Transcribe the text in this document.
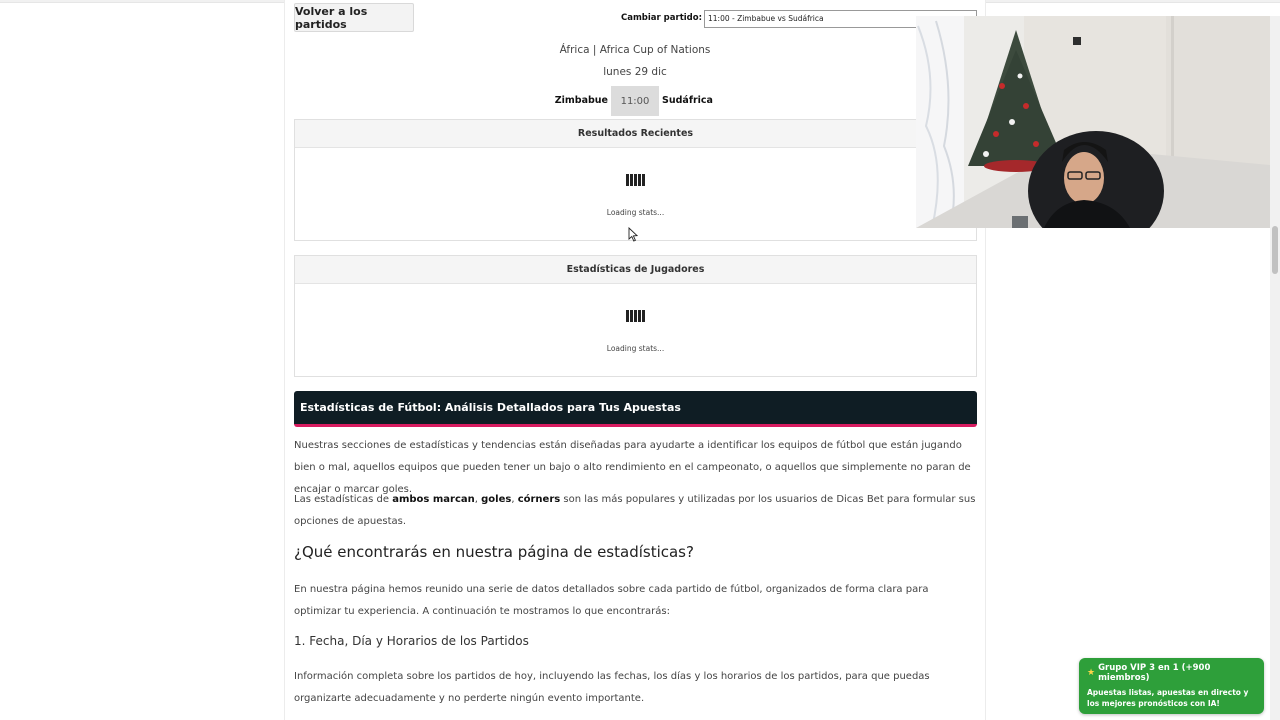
Volver a los partidos	Cambiar partido: 11:00 - Zimbabue vs Sudáfrica
África | Africa Cup of Nations
lunes 29 dic
Zimbabue	11:00	Sudáfrica
Resultados Recientes
Loading stats...
Estadísticas de Jugadores
Loading stats...
Estadísticas de Fútbol: Análisis Detallados para Tus Apuestas
Nuestras secciones de estadísticas y tendencias están diseñadas para ayudarte a identificar los equipos de fútbol que están jugando bien o mal, aquellos equipos que pueden tener un bajo o alto rendimiento en el campeonato, o aquellos que simplemente no paran de encajar o marcar goles.
Las estadísticas de ambos marcan, goles, córners son las más populares y utilizadas por los usuarios de Dicas Bet para formular sus opciones de apuestas.
¿Qué encontrarás en nuestra página de estadísticas?
En nuestra página hemos reunido una serie de datos detallados sobre cada partido de fútbol, organizados de forma clara para optimizar tu experiencia. A continuación te mostramos lo que encontrarás:
1. Fecha, Día y Horarios de los Partidos
Información completa sobre los partidos de hoy, incluyendo las fechas, los días y los horarios de los partidos, para que puedas organizarte adecuadamente y no perderte ningún evento importante.
★ Grupo VIP 3 en 1 (+900 miembros)
Apuestas listas, apuestas en directo y los mejores pronósticos con IA!
